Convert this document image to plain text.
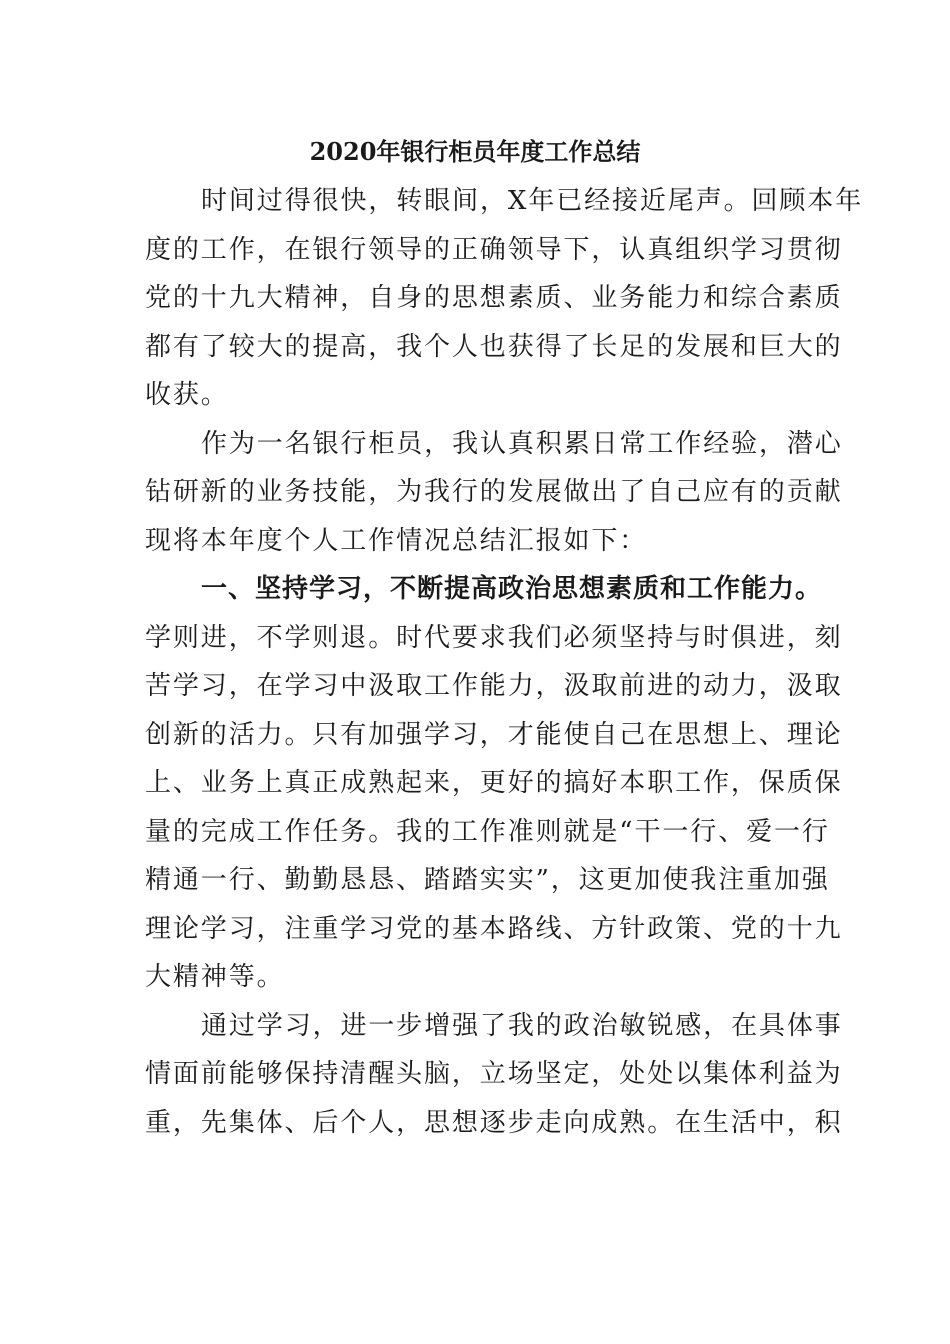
2020年银行柜员年度工作总结

时间过得很快，转眼间，X年已经接近尾声。回顾本年
度的工作，在银行领导的正确领导下，认真组织学习贯彻
党的十九大精神，自身的思想素质、业务能力和综合素质
都有了较大的提高，我个人也获得了长足的发展和巨大的
收获。

作为一名银行柜员，我认真积累日常工作经验，潜心
钻研新的业务技能，为我行的发展做出了自己应有的贡献
现将本年度个人工作情况总结汇报如下：

一、坚持学习，不断提高政治思想素质和工作能力。

学则进，不学则退。时代要求我们必须坚持与时俱进，刻
苦学习，在学习中汲取工作能力，汲取前进的动力，汲取
创新的活力。只有加强学习，才能使自己在思想上、理论
上、业务上真正成熟起来，更好的搞好本职工作，保质保
量的完成工作任务。我的工作准则就是“干一行、爱一行
精通一行、勤勤恳恳、踏踏实实”，这更加使我注重加强
理论学习，注重学习党的基本路线、方针政策、党的十九
大精神等。

通过学习，进一步增强了我的政治敏锐感，在具体事
情面前能够保持清醒头脑，立场坚定，处处以集体利益为
重，先集体、后个人，思想逐步走向成熟。在生活中，积
